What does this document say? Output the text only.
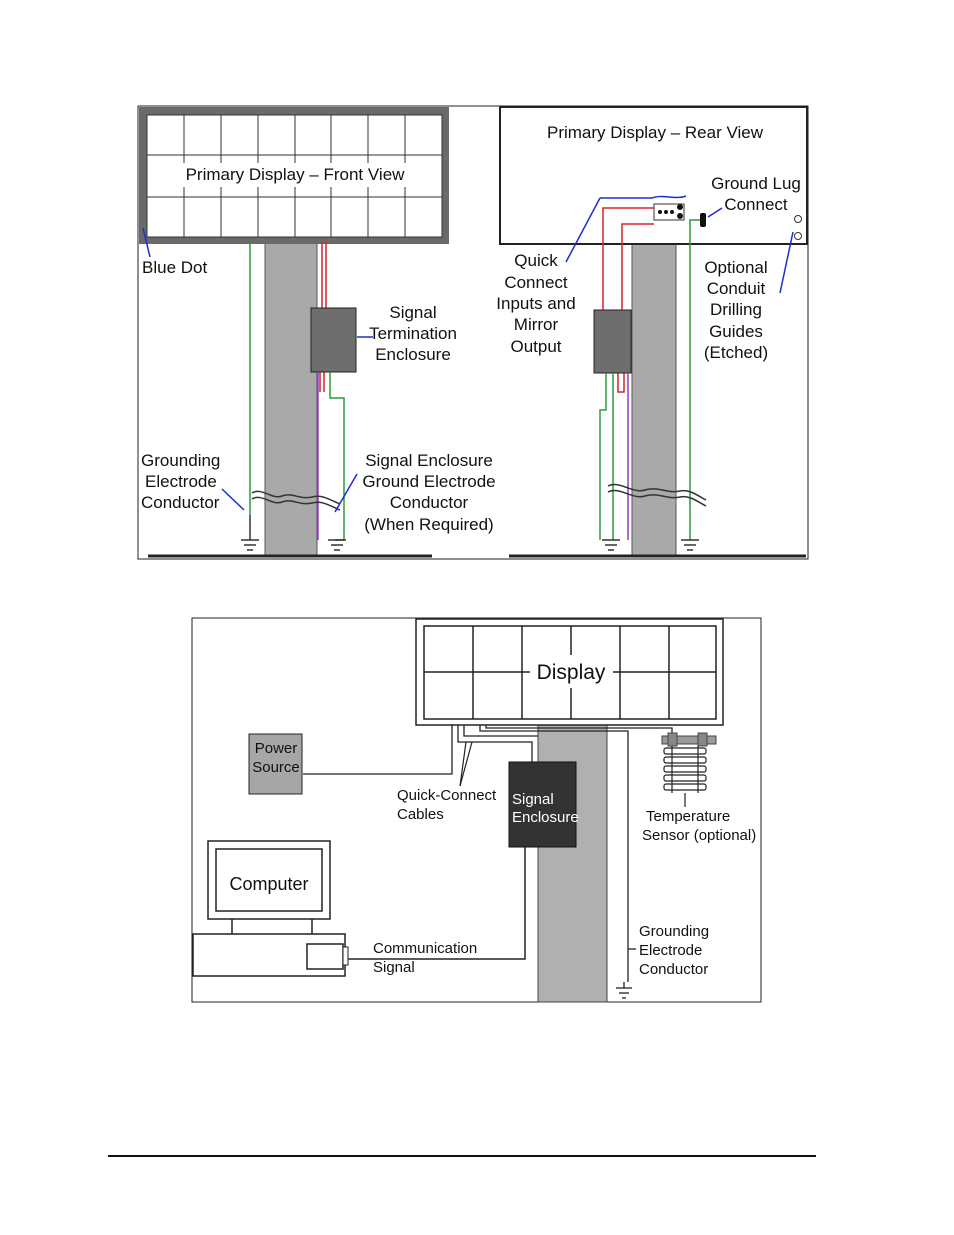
Primary Display – Front View
Blue Dot
Signal
Termination
Enclosure
Grounding
Electrode
Conductor
Signal Enclosure
Ground Electrode
Conductor
(When Required)
Primary Display – Rear View
Ground Lug
Connect
Quick
Connect
Inputs and
Mirror
Output
Optional
Conduit
Drilling
Guides
(Etched)
Display
Power
Source
Quick-Connect
Cables
Signal
Enclosure	Temperature
Sensor (optional)
Computer
Communication
Signal
Grounding
Electrode
Conductor
